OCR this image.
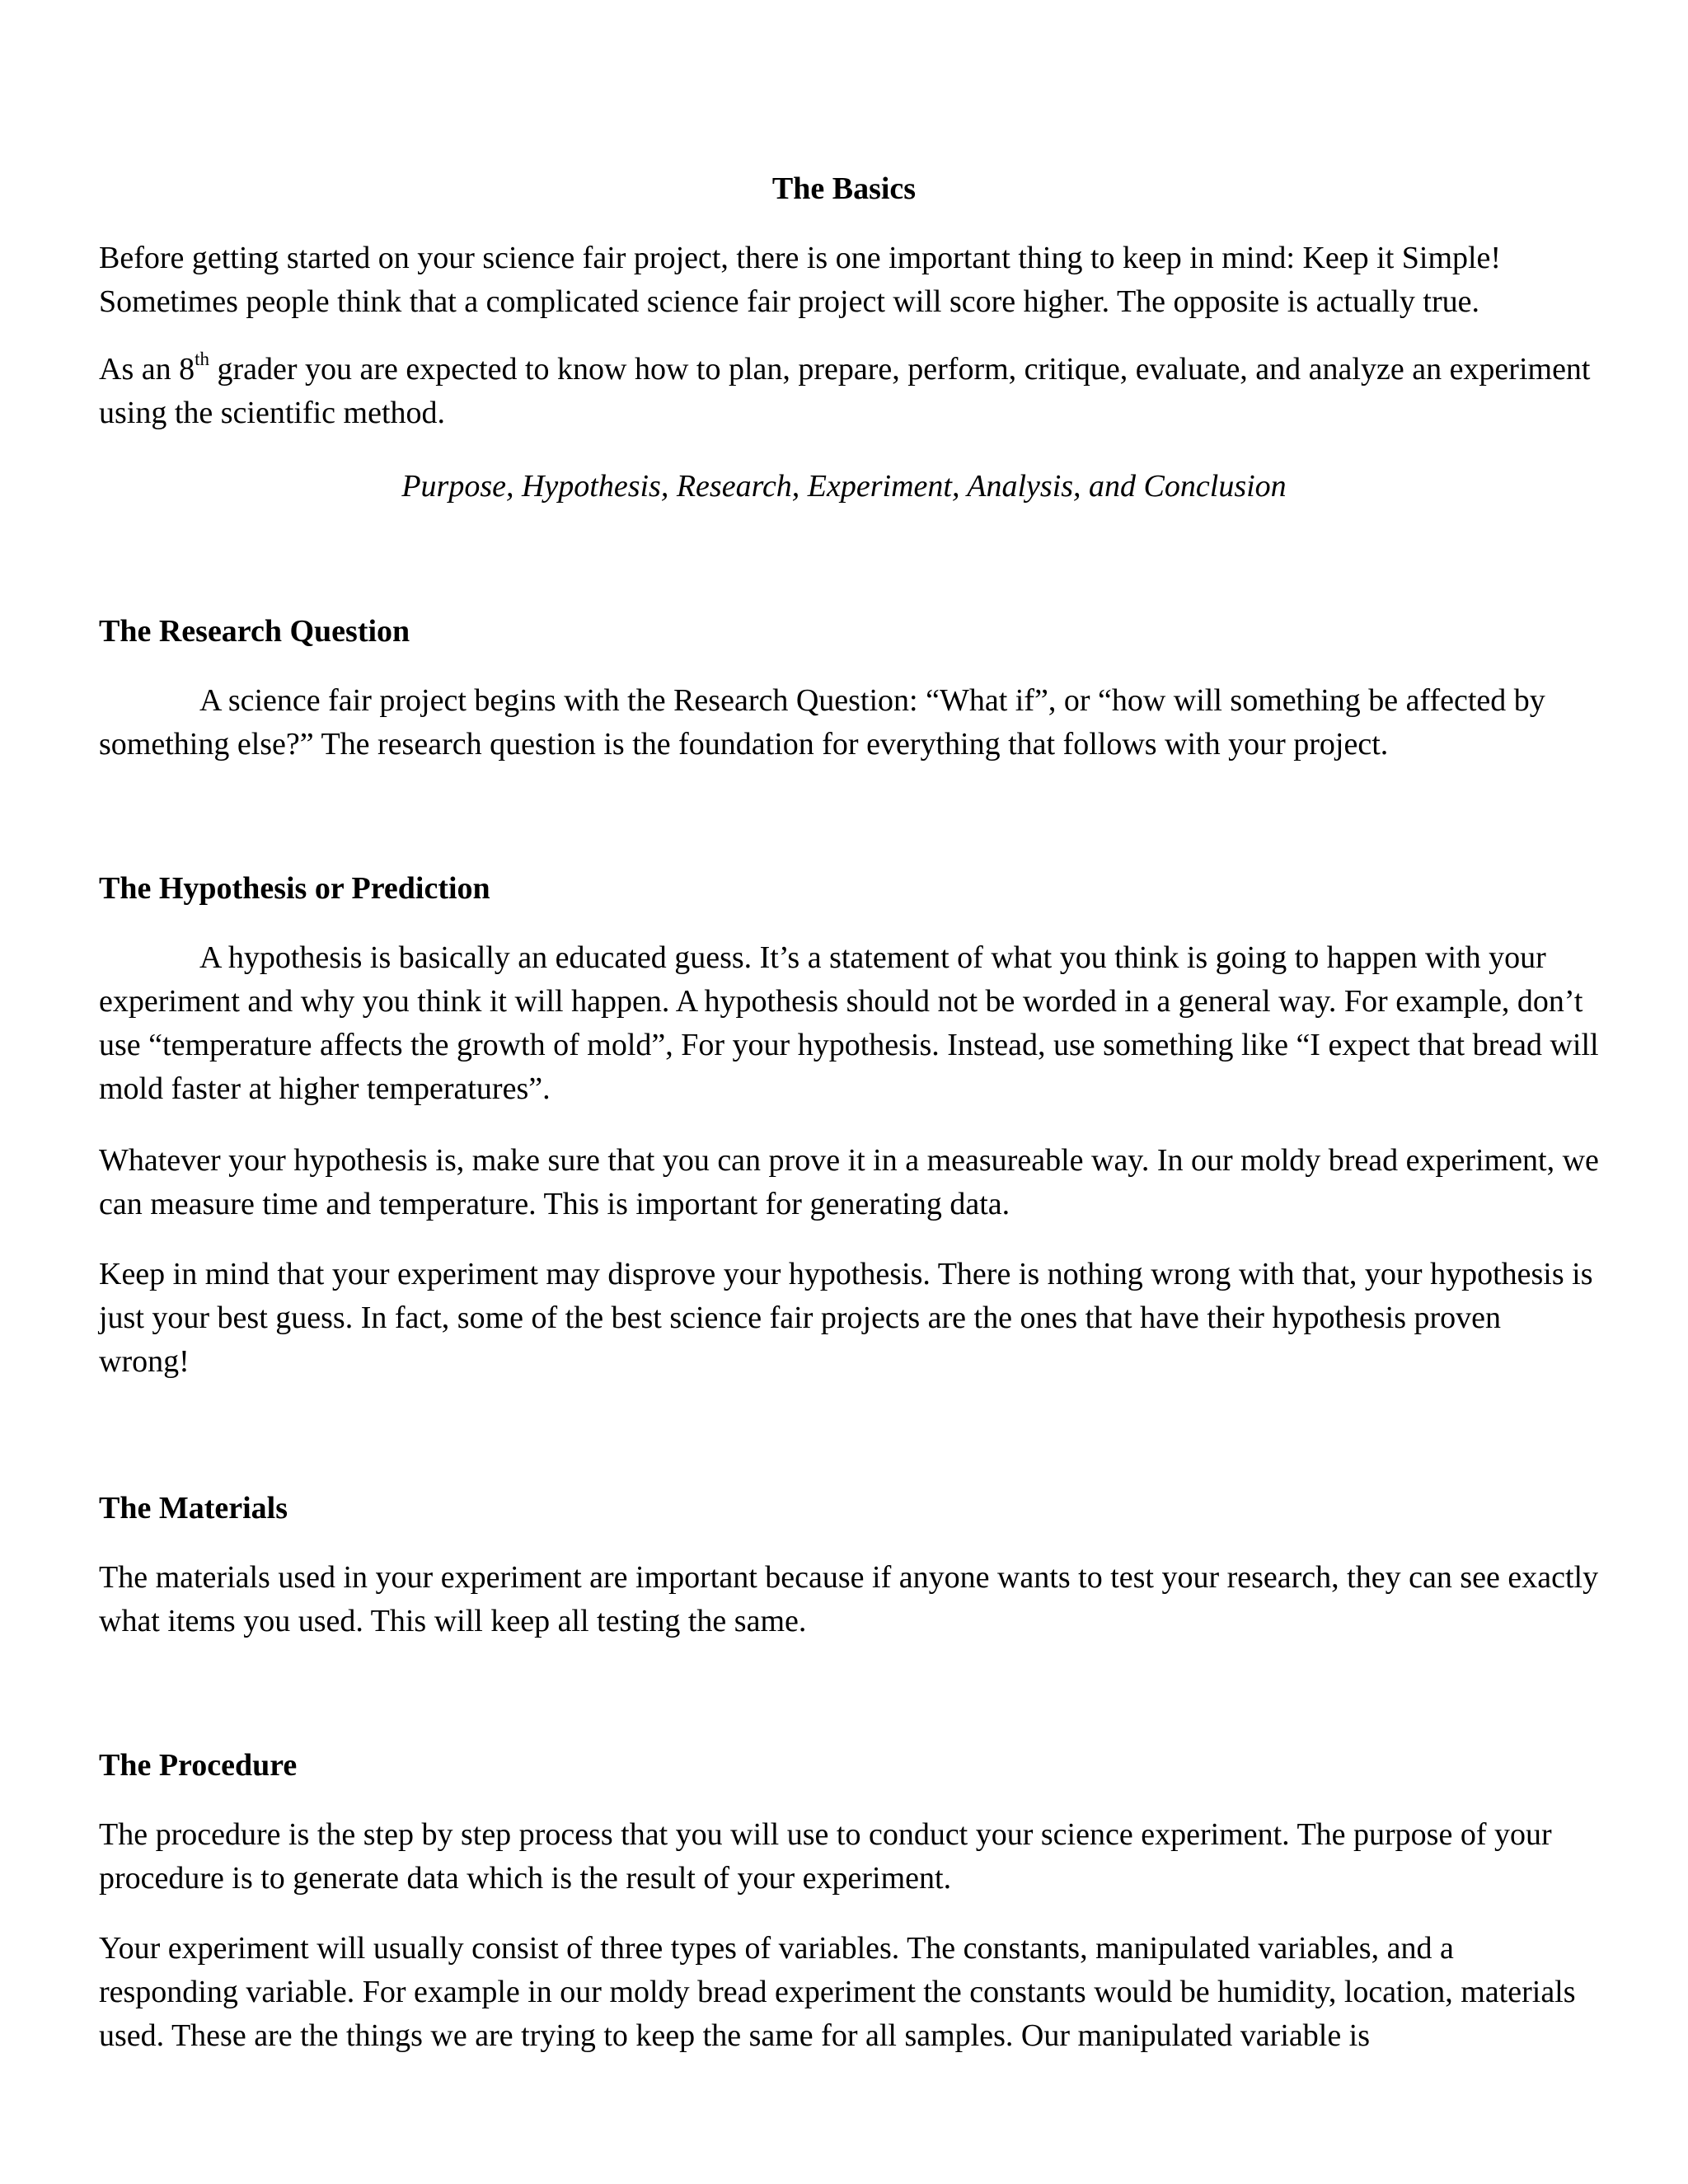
The Basics

Before getting started on your science fair project, there is one important thing to keep in mind: Keep it Simple! Sometimes people think that a complicated science fair project will score higher. The opposite is actually true.

As an 8th grader you are expected to know how to plan, prepare, perform, critique, evaluate, and analyze an experiment using the scientific method.

Purpose, Hypothesis, Research, Experiment, Analysis, and Conclusion

The Research Question

A science fair project begins with the Research Question: “What if”, or “how will something be affected by something else?” The research question is the foundation for everything that follows with your project.

The Hypothesis or Prediction

A hypothesis is basically an educated guess. It’s a statement of what you think is going to happen with your experiment and why you think it will happen. A hypothesis should not be worded in a general way. For example, don’t use “temperature affects the growth of mold”, For your hypothesis. Instead, use something like “I expect that bread will mold faster at higher temperatures”.

Whatever your hypothesis is, make sure that you can prove it in a measureable way. In our moldy bread experiment, we can measure time and temperature. This is important for generating data.

Keep in mind that your experiment may disprove your hypothesis. There is nothing wrong with that, your hypothesis is just your best guess. In fact, some of the best science fair projects are the ones that have their hypothesis proven wrong!

The Materials

The materials used in your experiment are important because if anyone wants to test your research, they can see exactly what items you used. This will keep all testing the same.

The Procedure

The procedure is the step by step process that you will use to conduct your science experiment. The purpose of your procedure is to generate data which is the result of your experiment.

Your experiment will usually consist of three types of variables. The constants, manipulated variables, and a responding variable. For example in our moldy bread experiment the constants would be humidity, location, materials used. These are the things we are trying to keep the same for all samples. Our manipulated variable is
